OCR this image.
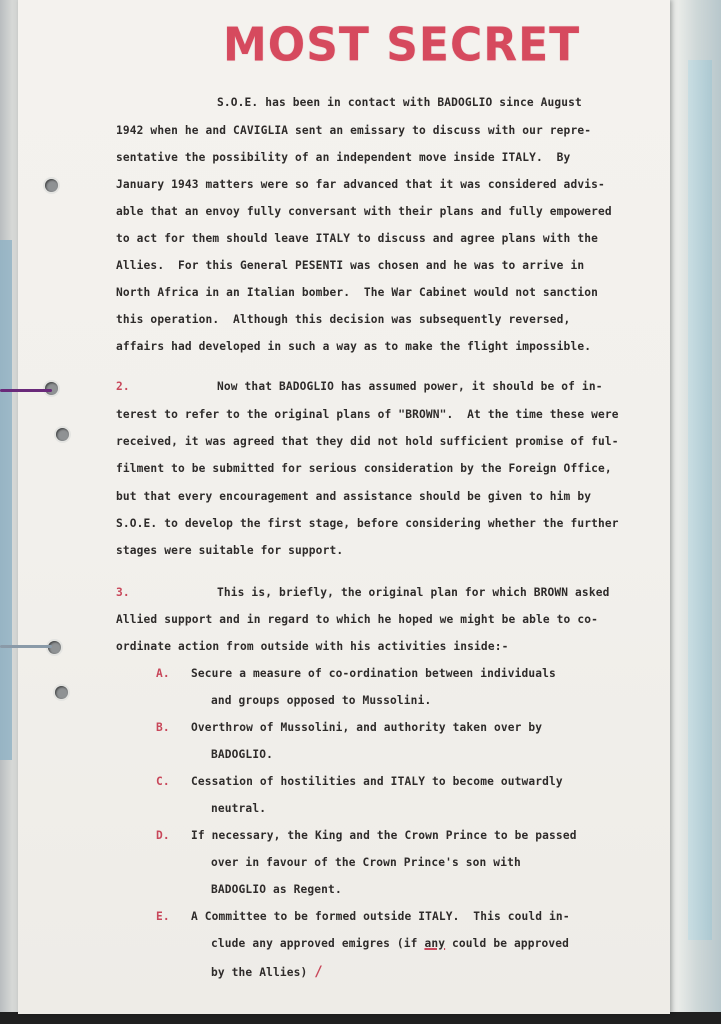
MOST SECRET
S.O.E. has been in contact with BADOGLIO since August
1942 when he and CAVIGLIA sent an emissary to discuss with our repre-
sentative the possibility of an independent move inside ITALY.  By
January 1943 matters were so far advanced that it was considered advis-
able that an envoy fully conversant with their plans and fully empowered
to act for them should leave ITALY to discuss and agree plans with the
Allies.  For this General PESENTI was chosen and he was to arrive in
North Africa in an Italian bomber.  The War Cabinet would not sanction
this operation.  Although this decision was subsequently reversed,
affairs had developed in such a way as to make the flight impossible.
2.	Now that BADOGLIO has assumed power, it should be of in-
terest to refer to the original plans of "BROWN".  At the time these were
received, it was agreed that they did not hold sufficient promise of ful-
filment to be submitted for serious consideration by the Foreign Office,
but that every encouragement and assistance should be given to him by
S.O.E. to develop the first stage, before considering whether the further
stages were suitable for support.
3.	This is, briefly, the original plan for which BROWN asked
Allied support and in regard to which he hoped we might be able to co-
ordinate action from outside with his activities inside:-
A. Secure a measure of co-ordination between individuals
and groups opposed to Mussolini.
B. Overthrow of Mussolini, and authority taken over by
BADOGLIO.
C. Cessation of hostilities and ITALY to become outwardly
neutral.
D. If necessary, the King and the Crown Prince to be passed
over in favour of the Crown Prince's son with
BADOGLIO as Regent.
E. A Committee to be formed outside ITALY.  This could in-
clude any approved emigres (if any could be approved
by the Allies) /
